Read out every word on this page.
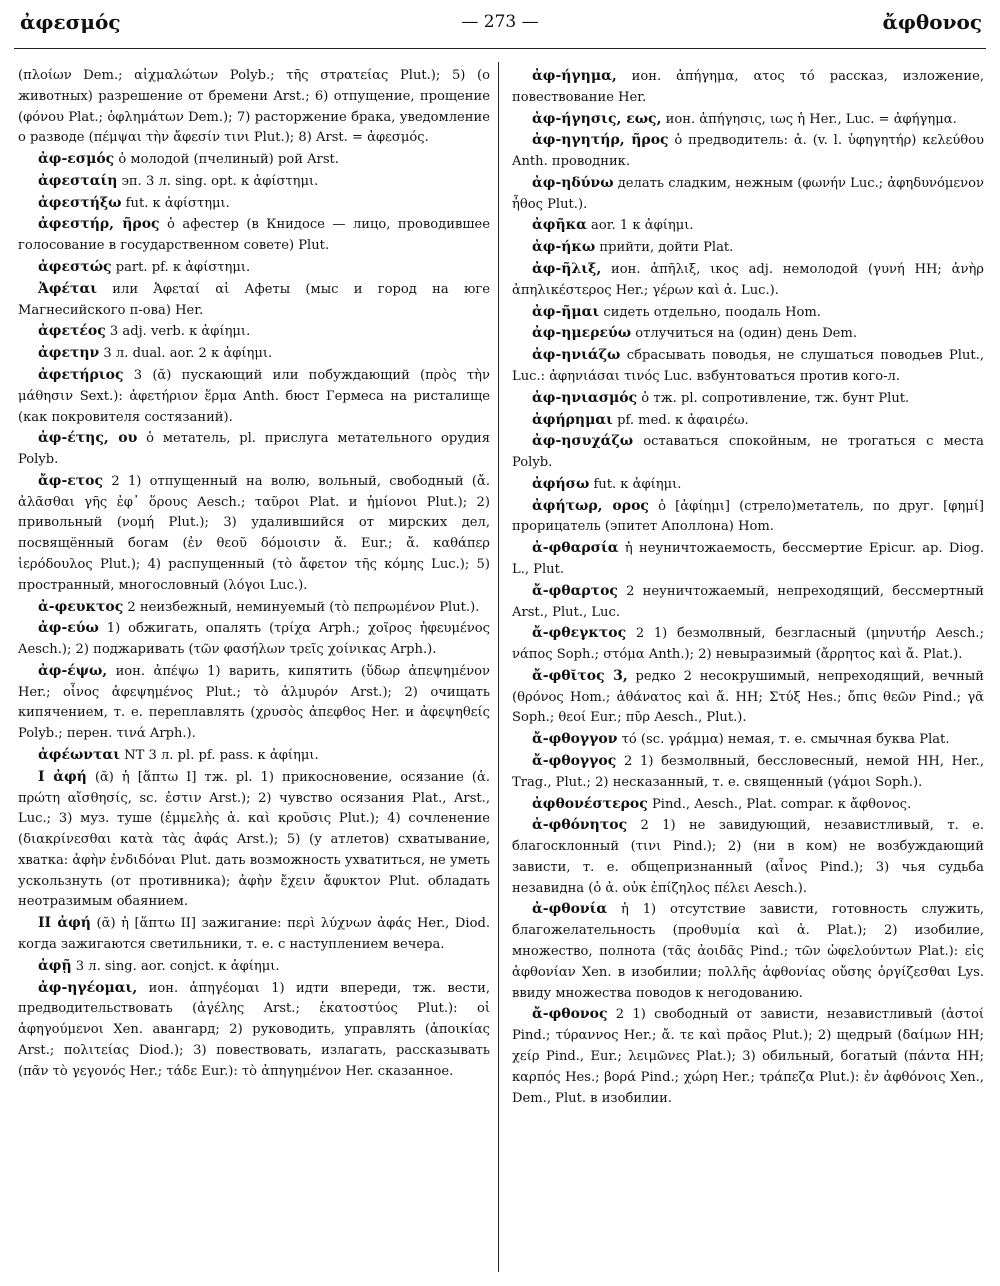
ἀφεσμός	— 273 —	ἄφθονος

(πλοίων Dem.; αἰχμαλώτων Polyb.; τῆς στρατείας Plut.); 5) (о животных) разрешение от бремени Arst.; 6) отпущение, прощение (φόνου Plat.; ὀφλημάτων Dem.); 7) расторжение брака, уведомление о разводе (πέμψαι τὴν ἄφεσίν τινι Plut.); 8) Arst. = ἀφεσμός.

ἀφ-εσμός ὁ молодой (пчелиный) рой Arst.

ἀφεσταίη эп. 3 л. sing. opt. к ἀφίστημι.

ἀφεστήξω fut. к ἀφίστημι.

ἀφεστήρ, ῆρος ὁ афестер (в Книдосе — лицо, проводившее голосование в государственном совете) Plut.

ἀφεστώς part. pf. к ἀφίστημι.

Ἀφέται или Ἀφεταί αἱ Афеты (мыс и город на юге Магнесийского п-ова) Her.

ἀφετέος 3 adj. verb. к ἀφίημι.

ἀφετην 3 л. dual. aor. 2 к ἀφίημι.

ἀφετήριος 3 (ᾰ) пускающий или побуждающий (πρὸς τὴν μάθησιν Sext.): ἀφετήριον ἕρμα Anth. бюст Гермеса на ристалище (как покровителя состязаний).

ἀφ-έτης, ου ὁ метатель, pl. прислуга метательного орудия Polyb.

ἄφ-ετος 2 1) отпущенный на волю, вольный, свободный (ἄ. ἀλᾶσθαι γῆς ἐφ᾽ ὅρους Aesch.; ταῦροι Plat. и ἡμίονοι Plut.); 2) привольный (νομή Plut.); 3) удалившийся от мирских дел, посвящённый богам (ἐν θεοῦ δόμοισιν ἄ. Eur.; ἄ. καθάπερ ἱερόδουλος Plut.); 4) распущенный (τὸ ἄφετον τῆς κόμης Luc.); 5) пространный, многословный (λόγοι Luc.).

ἀ-φευκτος 2 неизбежный, неминуемый (τὸ πεπρωμένον Plut.).

ἀφ-εύω 1) обжигать, опалять (τρίχα Arph.; χοῖρος ἠφευμένος Aesch.); 2) поджаривать (τῶν φασήλων τρεῖς χοίνικας Arph.).

ἀφ-έψω, ион. ἀπέψω 1) варить, кипятить (ὕδωρ ἀπεψημένον Her.; οἶνος ἀφεψημένος Plut.; τὸ ἁλμυρόν Arst.); 2) очищать кипячением, т. е. переплавлять (χρυσὸς ἀπεφθος Her. и ἀφεψηθείς Polyb.; перен. τινά Arph.).

ἀφέωνται NT 3 л. pl. pf. pass. к ἀφίημι.

I ἀφή (ᾰ) ἡ [ἅπτω I] тж. pl. 1) прикосновение, осязание (ἁ. πρώτη αἴσθησίς, sc. ἐστιν Arst.); 2) чувство осязания Plat., Arst., Luc.; 3) муз. туше (ἐμμελὴς ἁ. καὶ κροῦσις Plut.); 4) сочленение (διακρίνεσθαι κατὰ τὰς ἀφάς Arst.); 5) (у атлетов) схватывание, хватка: ἀφὴν ἐνδιδόναι Plut. дать возможность ухватиться, не уметь ускользнуть (от противника); ἀφὴν ἔχειν ἄφυκτον Plut. обладать неотразимым обаянием.

II ἀφή (ᾰ) ἡ [ἅπτω II] зажигание: περὶ λύχνων ἀφάς Her., Diod. когда зажигаются светильники, т. е. с наступлением вечера.

ἀφῇ 3 л. sing. aor. conjct. к ἀφίημι.

ἀφ-ηγέομαι, ион. ἀπηγέομαι 1) идти впереди, тж. вести, предводительствовать (ἀγέλης Arst.; ἑκατοστύος Plut.): οἱ ἀφηγούμενοι Xen. авангард; 2) руководить, управлять (ἀποικίας Arst.; πολιτείας Diod.); 3) повествовать, излагать, рассказывать (πᾶν τὸ γεγονός Her.; τάδε Eur.): τὸ ἀπηγημένον Her. сказанное.

ἀφ-ήγημα, ион. ἀπήγημα, ατος τό рассказ, изложение, повествование Her.

ἀφ-ήγησις, εως, ион. ἀπήγησις, ιως ἡ Her., Luc. = ἀφήγημα.

ἀφ-ηγητήρ, ῆρος ὁ предводитель: ἁ. (v. l. ὑφηγητήρ) κελεύθου Anth. проводник.

ἀφ-ηδύνω делать сладким, нежным (φωνήν Luc.; ἀφηδυνόμενον ἦθος Plut.).

ἀφῆκα aor. 1 к ἀφίημι.

ἀφ-ήκω прийти, дойти Plat.

ἀφ-ῆλιξ, ион. ἀπῆλιξ, ικος adj. немолодой (γυνή HH; ἀνὴρ ἀπηλικέστερος Her.; γέρων καὶ ἀ. Luc.).

ἀφ-ῆμαι сидеть отдельно, поодаль Hom.

ἀφ-ημερεύω отлучиться на (один) день Dem.

ἀφ-ηνιάζω сбрасывать поводья, не слушаться поводьев Plut., Luc.: ἀφηνιάσαι τινός Luc. взбунтоваться против кого-л.

ἀφ-ηνιασμός ὁ тж. pl. сопротивление, тж. бунт Plut.

ἀφήρημαι pf. med. к ἀφαιρέω.

ἀφ-ησυχάζω оставаться спокойным, не трогаться с места Polyb.

ἀφήσω fut. к ἀφίημι.

ἀφήτωρ, ορος ὁ [ἀφίημι] (стрело)метатель, по друг. [φημί] прорицатель (эпитет Аполлона) Hom.

ἀ-φθαρσία ἡ неуничтожаемость, бессмертие Epicur. ap. Diog. L., Plut.

ἄ-φθαρτος 2 неуничтожаемый, непреходящий, бессмертный Arst., Plut., Luc.

ἄ-φθεγκτος 2 1) безмолвный, безгласный (μηνυτήρ Aesch.; νάπος Soph.; στόμα Anth.); 2) невыразимый (ἄρρητος καὶ ἄ. Plat.).

ἄ-φθῐτος 3, редко 2 несокрушимый, непреходящий, вечный (θρόνος Hom.; ἀθάνατος καὶ ἄ. HH; Στύξ Hes.; ὄπις θεῶν Pind.; γᾶ Soph.; θεοί Eur.; πῦρ Aesch., Plut.).

ἄ-φθογγον τό (sc. γράμμα) немая, т. е. смычная буква Plat.

ἄ-φθογγος 2 1) безмолвный, бессловесный, немой HH, Her., Trag., Plut.; 2) несказанный, т. е. священный (γάμοι Soph.).

ἀφθονέστερος Pind., Aesch., Plat. compar. к ἄφθονος.

ἀ-φθόνητος 2 1) не завидующий, независтливый, т. е. благосклонный (τινι Pind.); 2) (ни в ком) не возбуждающий зависти, т. е. общепризнанный (αἶνος Pind.); 3) чья судьба незавидна (ὁ ἀ. οὐκ ἐπίζηλος πέλει Aesch.).

ἀ-φθονία ἡ 1) отсутствие зависти, готовность служить, благожелательность (προθυμία καὶ ἀ. Plat.); 2) изобилие, множество, полнота (τᾶς ἀοιδᾶς Pind.; τῶν ὠφελούντων Plat.): εἰς ἀφθονίαν Xen. в изобилии; πολλῆς ἀφθονίας οὔσης ὀργίζεσθαι Lys. ввиду множества поводов к негодованию.

ἄ-φθονος 2 1) свободный от зависти, независтливый (ἀστοί Pind.; τύραννος Her.; ἄ. τε καὶ πρᾶος Plut.); 2) щедрый (δαίμων HH; χείρ Pind., Eur.; λειμῶνες Plat.); 3) обильный, богатый (πάντα HH; καρπός Hes.; βορά Pind.; χώρη Her.; τράπεζα Plut.): ἐν ἀφθόνοις Xen., Dem., Plut. в изобилии.
